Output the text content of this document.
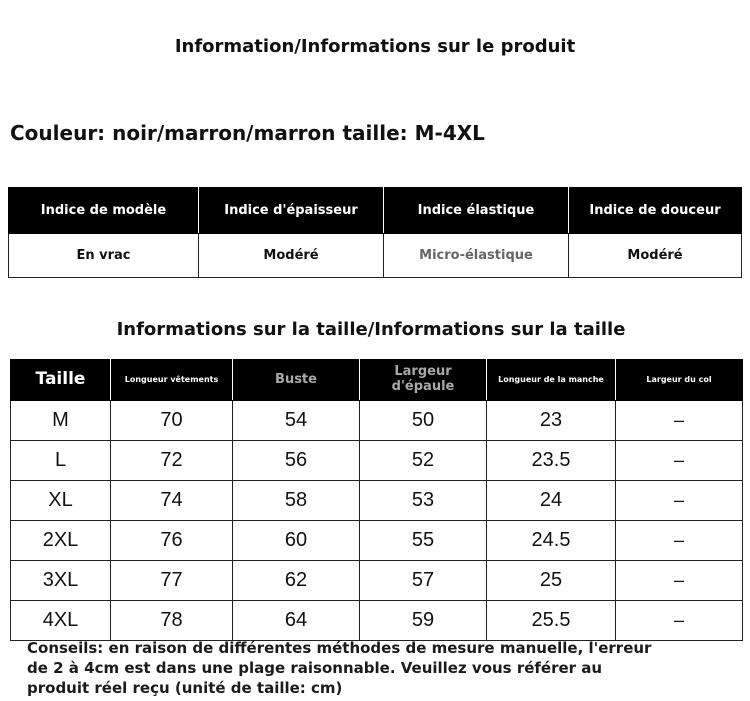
Information/Informations sur le produit
Couleur: noir/marron/marron taille: M-4XL
Indice de modèle	Indice d'épaisseur	Indice élastique	Indice de douceur
En vrac	Modéré	Micro-élastique	Modéré
Informations sur la taille/Informations sur la taille
Taille	Longueur vêtements	Buste	Largeur d'épaule	Longueur de la manche	Largeur du col
M	70	54	50	23	–
L	72	56	52	23.5	–
XL	74	58	53	24	–
2XL	76	60	55	24.5	–
3XL	77	62	57	25	–
4XL	78	64	59	25.5	–
Conseils: en raison de différentes méthodes de mesure manuelle, l'erreur de 2 à 4cm est dans une plage raisonnable. Veuillez vous référer au produit réel reçu (unité de taille: cm)
